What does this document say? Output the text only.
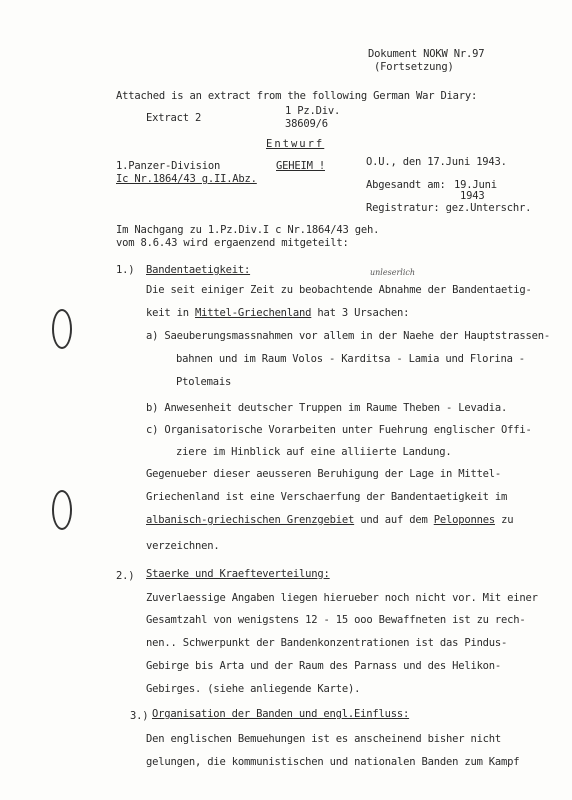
Dokument NOKW Nr.97
(Fortsetzung)
Attached is an extract from the following German War Diary:
Extract 2
1 Pz.Div.
38609/6
Entwurf
1.Panzer-Division
Ic Nr.1864/43 g.II.Abz.
GEHEIM !	O.U., den 17.Juni 1943.
Abgesandt am: 19.Juni
1943
Registratur: gez.Unterschr.
Im Nachgang zu 1.Pz.Div.I c Nr.1864/43 geh.
vom 8.6.43 wird ergaenzend mitgeteilt:
1.) Bandentaetigkeit:	unleserlich
Die seit einiger Zeit zu beobachtende Abnahme der Bandentaetig-
keit in Mittel-Griechenland hat 3 Ursachen:
a) Saeuberungsmassnahmen vor allem in der Naehe der Hauptstrassen-
bahnen und im Raum Volos - Karditsa - Lamia und Florina -
Ptolemais
b) Anwesenheit deutscher Truppen im Raume Theben - Levadia.
c) Organisatorische Vorarbeiten unter Fuehrung englischer Offi-
ziere im Hinblick auf eine alliierte Landung.
Gegenueber dieser aeusseren Beruhigung der Lage in Mittel-
Griechenland ist eine Verschaerfung der Bandentaetigkeit im
albanisch-griechischen Grenzgebiet und auf dem Peloponnes zu
verzeichnen.
2.) Staerke und Kraefteverteilung:
Zuverlaessige Angaben liegen hierueber noch nicht vor. Mit einer
Gesamtzahl von wenigstens 12 - 15 ooo Bewaffneten ist zu rech-
nen.. Schwerpunkt der Bandenkonzentrationen ist das Pindus-
Gebirge bis Arta und der Raum des Parnass und des Helikon-
Gebirges. (siehe anliegende Karte).
3.) Organisation der Banden und engl.Einfluss:
Den englischen Bemuehungen ist es anscheinend bisher nicht
gelungen, die kommunistischen und nationalen Banden zum Kampf
